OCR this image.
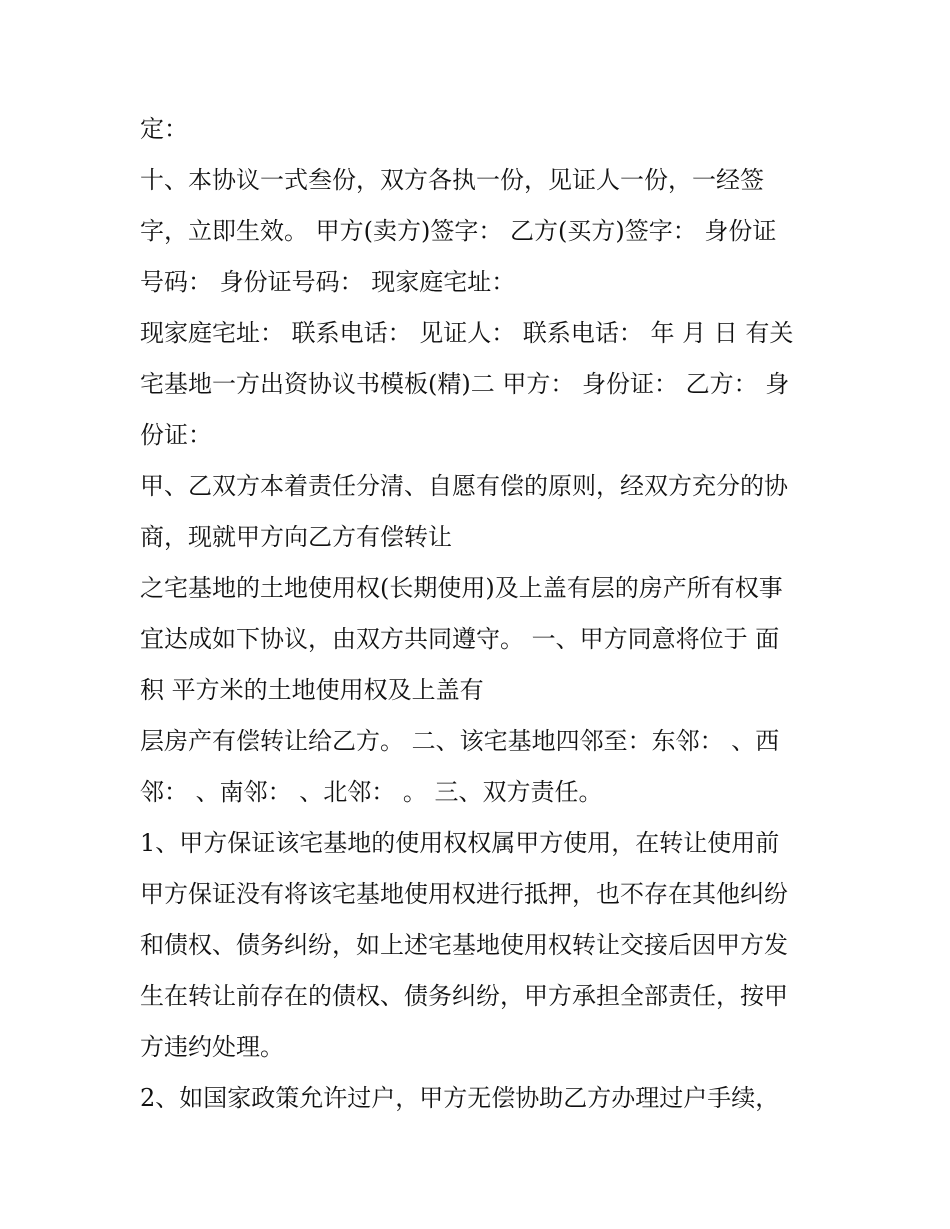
定：
十、本协议一式叁份，双方各执一份，见证人一份，一经签
字，立即生效。 甲方(卖方)签字： 乙方(买方)签字： 身份证
号码： 身份证号码： 现家庭宅址：
现家庭宅址： 联系电话： 见证人： 联系电话： 年 月 日 有关
宅基地一方出资协议书模板(精)二 甲方： 身份证： 乙方： 身
份证：
甲、乙双方本着责任分清、自愿有偿的原则，经双方充分的协
商，现就甲方向乙方有偿转让
之宅基地的土地使用权(长期使用)及上盖有层的房产所有权事
宜达成如下协议，由双方共同遵守。 一、甲方同意将位于 面
积 平方米的土地使用权及上盖有
层房产有偿转让给乙方。 二、该宅基地四邻至：东邻： 、西
邻： 、南邻： 、北邻： 。 三、双方责任。
1、甲方保证该宅基地的使用权权属甲方使用，在转让使用前
甲方保证没有将该宅基地使用权进行抵押，也不存在其他纠纷
和债权、债务纠纷，如上述宅基地使用权转让交接后因甲方发
生在转让前存在的债权、债务纠纷，甲方承担全部责任，按甲
方违约处理。
2、如国家政策允许过户，甲方无偿协助乙方办理过户手续，
